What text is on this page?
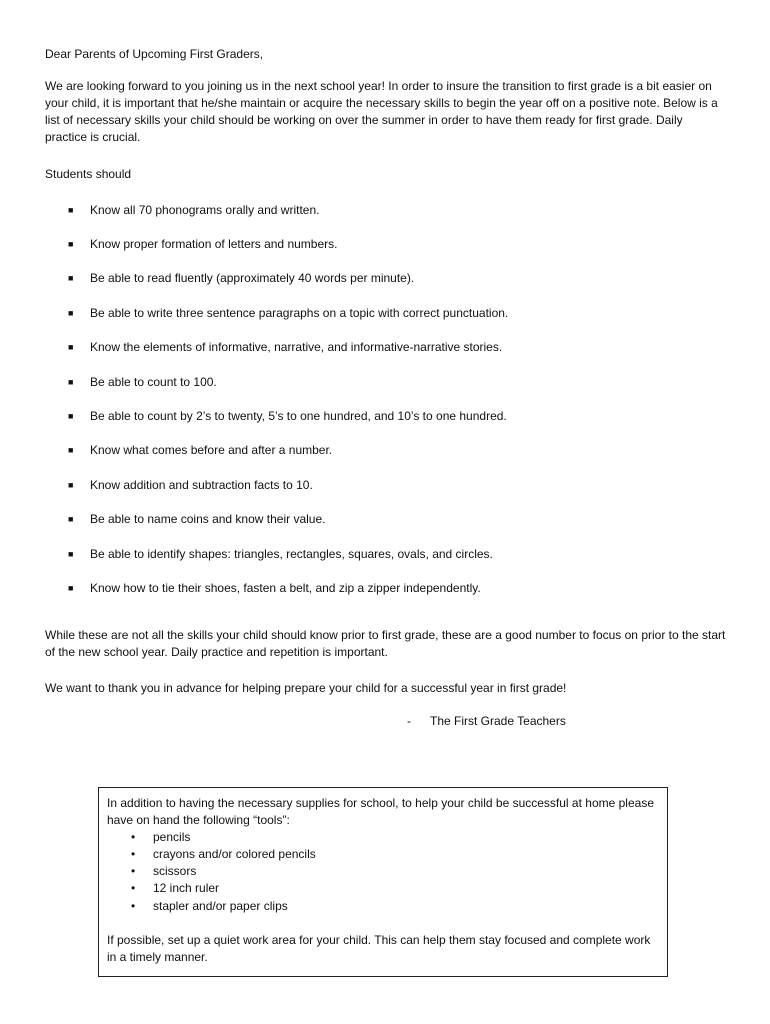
Dear Parents of Upcoming First Graders,
We are looking forward to you joining us in the next school year! In order to insure the transition to first grade is a bit easier on your child, it is important that he/she maintain or acquire the necessary skills to begin the year off on a positive note. Below is a list of necessary skills your child should be working on over the summer in order to have them ready for first grade. Daily practice is crucial.
Students should
■ Know all 70 phonograms orally and written.
■ Know proper formation of letters and numbers.
■ Be able to read fluently (approximately 40 words per minute).
■ Be able to write three sentence paragraphs on a topic with correct punctuation.
■ Know the elements of informative, narrative, and informative-narrative stories.
■ Be able to count to 100.
■ Be able to count by 2’s to twenty, 5’s to one hundred, and 10’s to one hundred.
■ Know what comes before and after a number.
■ Know addition and subtraction facts to 10.
■ Be able to name coins and know their value.
■ Be able to identify shapes: triangles, rectangles, squares, ovals, and circles.
■ Know how to tie their shoes, fasten a belt, and zip a zipper independently.
While these are not all the skills your child should know prior to first grade, these are a good number to focus on prior to the start of the new school year. Daily practice and repetition is important.
We want to thank you in advance for helping prepare your child for a successful year in first grade!
- The First Grade Teachers
In addition to having the necessary supplies for school, to help your child be successful at home please have on hand the following “tools”:
• pencils
• crayons and/or colored pencils
• scissors
• 12 inch ruler
• stapler and/or paper clips
If possible, set up a quiet work area for your child. This can help them stay focused and complete work in a timely manner.
